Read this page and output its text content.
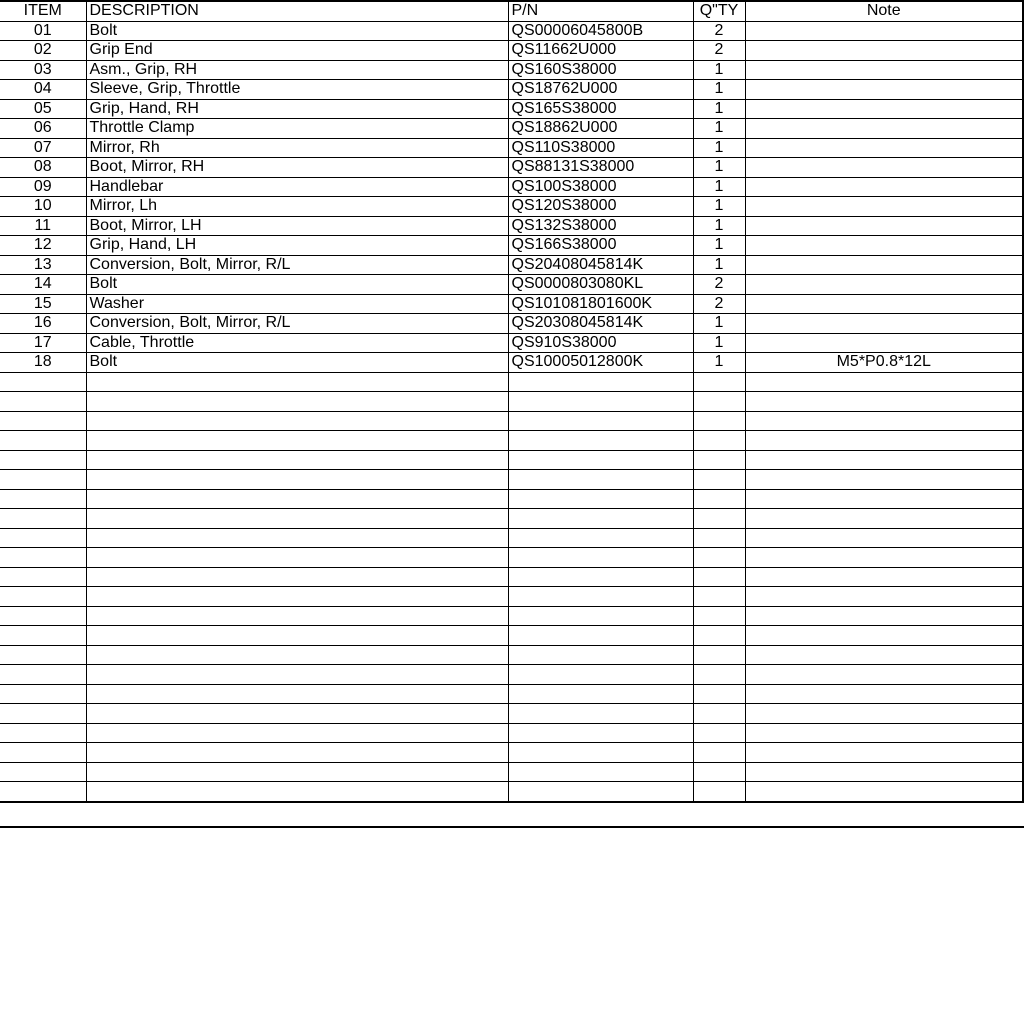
ITEM	DESCRIPTION	P/N	Q"TY	Note
01	Bolt	QS00006045800B	2	
02	Grip End	QS11662U000	2	
03	Asm., Grip, RH	QS160S38000	1	
04	Sleeve, Grip, Throttle	QS18762U000	1	
05	Grip, Hand, RH	QS165S38000	1	
06	Throttle Clamp	QS18862U000	1	
07	Mirror, Rh	QS110S38000	1	
08	Boot, Mirror, RH	QS88131S38000	1	
09	Handlebar	QS100S38000	1	
10	Mirror, Lh	QS120S38000	1	
11	Boot, Mirror, LH	QS132S38000	1	
12	Grip, Hand, LH	QS166S38000	1	
13	Conversion, Bolt, Mirror, R/L	QS20408045814K	1	
14	Bolt	QS0000803080KL	2	
15	Washer	QS101081801600K	2	
16	Conversion, Bolt, Mirror, R/L	QS20308045814K	1	
17	Cable, Throttle	QS910S38000	1	
18	Bolt	QS10005012800K	1	M5*P0.8*12L
